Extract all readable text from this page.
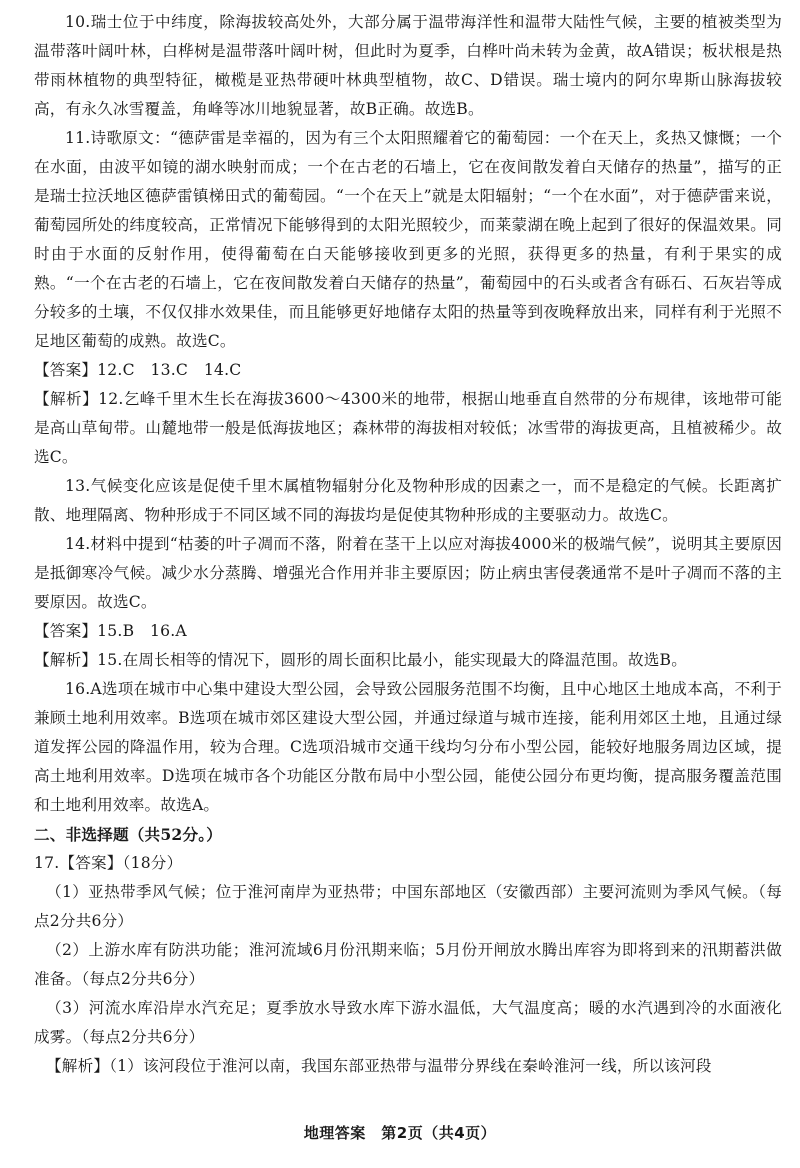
10.瑞士位于中纬度，除海拔较高处外，大部分属于温带海洋性和温带大陆性气候，主要的植被类型为温带落叶阔叶林，白桦树是温带落叶阔叶树，但此时为夏季，白桦叶尚未转为金黄，故A错误；板状根是热带雨林植物的典型特征，橄榄是亚热带硬叶林典型植物，故C、D错误。瑞士境内的阿尔卑斯山脉海拔较高，有永久冰雪覆盖，角峰等冰川地貌显著，故B正确。故选B。

11.诗歌原文：“德萨雷是幸福的，因为有三个太阳照耀着它的葡萄园：一个在天上，炙热又慷慨；一个在水面，由波平如镜的湖水映射而成；一个在古老的石墙上，它在夜间散发着白天储存的热量”，描写的正是瑞士拉沃地区德萨雷镇梯田式的葡萄园。“一个在天上”就是太阳辐射；“一个在水面”，对于德萨雷来说，葡萄园所处的纬度较高，正常情况下能够得到的太阳光照较少，而莱蒙湖在晚上起到了很好的保温效果。同时由于水面的反射作用，使得葡萄在白天能够接收到更多的光照，获得更多的热量，有利于果实的成熟。“一个在古老的石墙上，它在夜间散发着白天储存的热量”，葡萄园中的石头或者含有砾石、石灰岩等成分较多的土壤，不仅仅排水效果佳，而且能够更好地储存太阳的热量等到夜晚释放出来，同样有利于光照不足地区葡萄的成熟。故选C。

【答案】12.C　13.C　14.C

【解析】12.乞峰千里木生长在海拔3600～4300米的地带，根据山地垂直自然带的分布规律，该地带可能是高山草甸带。山麓地带一般是低海拔地区；森林带的海拔相对较低；冰雪带的海拔更高，且植被稀少。故选C。

13.气候变化应该是促使千里木属植物辐射分化及物种形成的因素之一，而不是稳定的气候。长距离扩散、地理隔离、物种形成于不同区域不同的海拔均是促使其物种形成的主要驱动力。故选C。

14.材料中提到“枯萎的叶子凋而不落，附着在茎干上以应对海拔4000米的极端气候”，说明其主要原因是抵御寒冷气候。减少水分蒸腾、增强光合作用并非主要原因；防止病虫害侵袭通常不是叶子凋而不落的主要原因。故选C。

【答案】15.B　16.A

【解析】15.在周长相等的情况下，圆形的周长面积比最小，能实现最大的降温范围。故选B。

16.A选项在城市中心集中建设大型公园，会导致公园服务范围不均衡，且中心地区土地成本高，不利于兼顾土地利用效率。B选项在城市郊区建设大型公园，并通过绿道与城市连接，能利用郊区土地，且通过绿道发挥公园的降温作用，较为合理。C选项沿城市交通干线均匀分布小型公园，能较好地服务周边区域，提高土地利用效率。D选项在城市各个功能区分散布局中小型公园，能使公园分布更均衡，提高服务覆盖范围和土地利用效率。故选A。

二、非选择题（共52分。）

17.【答案】（18分）

（1）亚热带季风气候；位于淮河南岸为亚热带；中国东部地区（安徽西部）主要河流则为季风气候。（每点2分共6分）

（2）上游水库有防洪功能；淮河流域6月份汛期来临；5月份开闸放水腾出库容为即将到来的汛期蓄洪做准备。（每点2分共6分）

（3）河流水库沿岸水汽充足；夏季放水导致水库下游水温低，大气温度高；暖的水汽遇到冷的水面液化成雾。（每点2分共6分）

【解析】（1）该河段位于淮河以南，我国东部亚热带与温带分界线在秦岭淮河一线，所以该河段

地理答案　第2页（共4页）
